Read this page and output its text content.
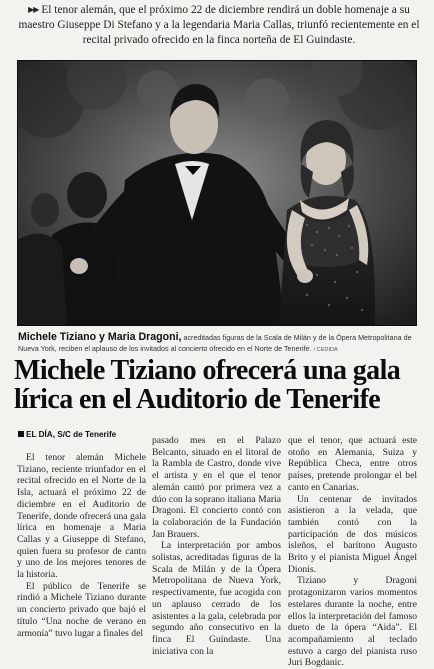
▶▶ El tenor alemán, que el próximo 22 de diciembre rendirá un doble homenaje a su maestro Giuseppe Di Stefano y a la legendaria Maria Callas, triunfó recientemente en el recital privado ofrecido en la finca norteña de El Guindaste.
Michele Tiziano y Maria Dragoni, acreditadas figuras de la Scala de Milán y de la Ópera Metropolitana de Nueva York, reciben el aplauso de los invitados al concierto ofrecido en el Norte de Tenerife. / CEDIDA
Michele Tiziano ofrecerá una gala lírica en el Auditorio de Tenerife
EL DÍA, S/C de Tenerife

El tenor alemán Michele Tiziano, reciente triunfador en el recital ofrecido en el Norte de la Isla, actuará el próximo 22 de diciembre en el Auditorio de Tenerife, donde ofrecerá una gala lírica en homenaje a Maria Callas y a Giuseppe di Stefano, quien fuera su profesor de canto y uno de los mejores tenores de la historia.

El público de Tenerife se rindió a Michele Tiziano durante un concierto privado que bajó el título “Una noche de verano en armonía” tuvo lugar a finales del

pasado mes en el Palazo Belcanto, situado en el litoral de la Rambla de Castro, donde vive el artista y en el que el tenor alemán cantó por primera vez a dúo con la soprano italiana Maria Dragoni. El concierto contó con la colaboración de la Fundación Jan Brauers.

La interpretación por ambos solistas, acreditadas figuras de la Scala de Milán y de la Ópera Metropolitana de Nueva York, respectivamente, fue acogida con un aplauso cerrado de los asistentes a la gala, celebrada por segundo año consecutivo en la finca El Guindaste. Una iniciativa con la

que el tenor, que actuará este otoño en Alemania, Suiza y República Checa, entre otros países, pretende prolongar el bel canto en Canarias.

Un centenar de invitados asistieron a la velada, que también contó con la participación de dos músicos isleños, el barítono Augusto Brito y el pianista Miguel Ángel Dionis.

Tiziano y Dragoni protagonizaron varios momentos estelares durante la noche, entre ellos la interpretación del famoso dueto de la ópera “Aida”. El acompañamiento al teclado estuvo a cargo del pianista ruso Juri Bogdanic.
